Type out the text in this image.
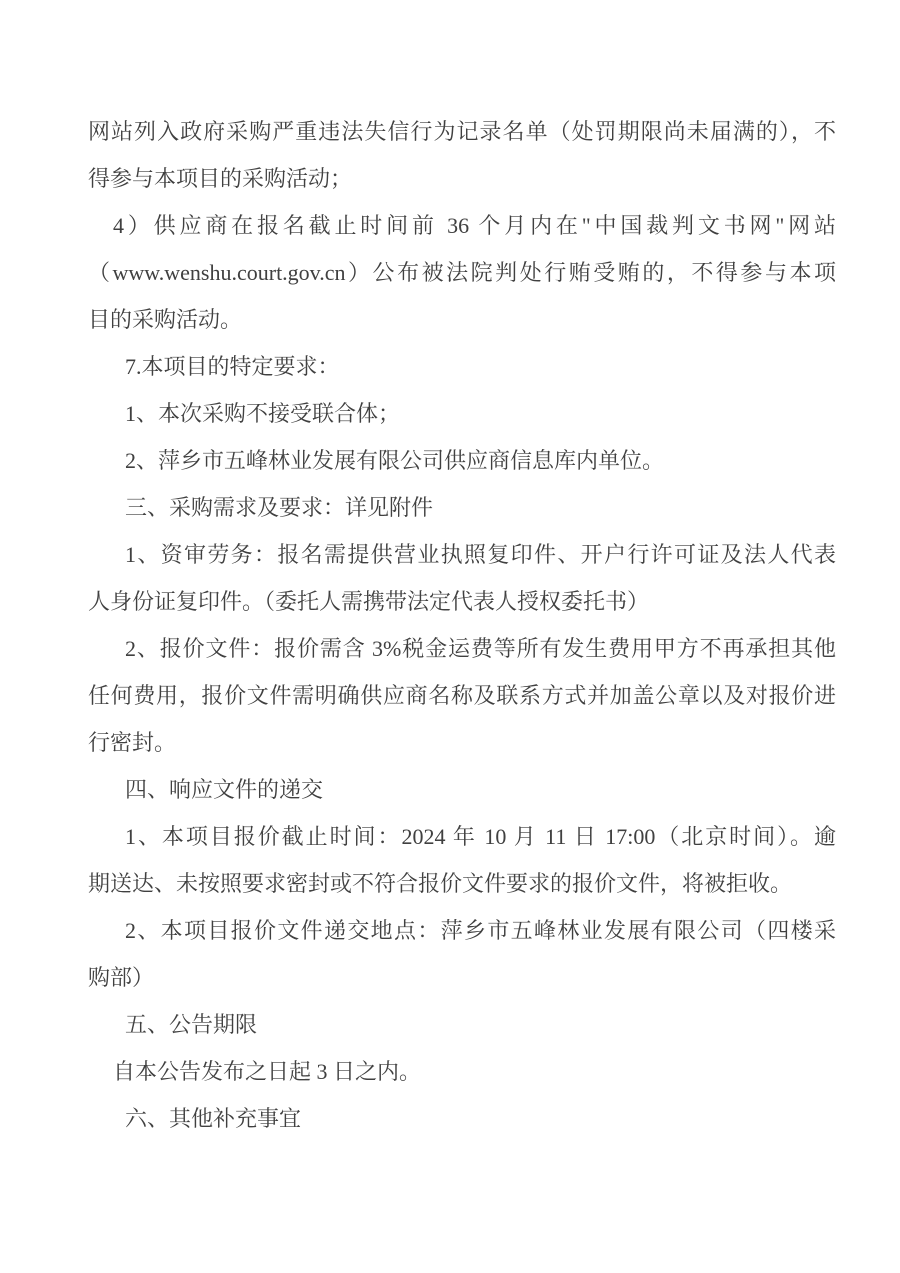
网站列入政府采购严重违法失信行为记录名单（处罚期限尚未届满的），不
得参与本项目的采购活动；
4）供应商在报名截止时间前 36 个月内在"中国裁判文书网"网站
（www.wenshu.court.gov.cn）公布被法院判处行贿受贿的，不得参与本项
目的采购活动。
7.本项目的特定要求：
1、本次采购不接受联合体；
2、萍乡市五峰林业发展有限公司供应商信息库内单位。
三、采购需求及要求：详见附件
1、资审劳务：报名需提供营业执照复印件、开户行许可证及法人代表
人身份证复印件。（委托人需携带法定代表人授权委托书）
2、报价文件：报价需含 3%税金运费等所有发生费用甲方不再承担其他
任何费用，报价文件需明确供应商名称及联系方式并加盖公章以及对报价进
行密封。
四、响应文件的递交
1、本项目报价截止时间：2024 年 10 月 11 日 17:00（北京时间）。逾
期送达、未按照要求密封或不符合报价文件要求的报价文件，将被拒收。
2、本项目报价文件递交地点：萍乡市五峰林业发展有限公司（四楼采
购部）
五、公告期限
自本公告发布之日起 3 日之内。
六、其他补充事宜
